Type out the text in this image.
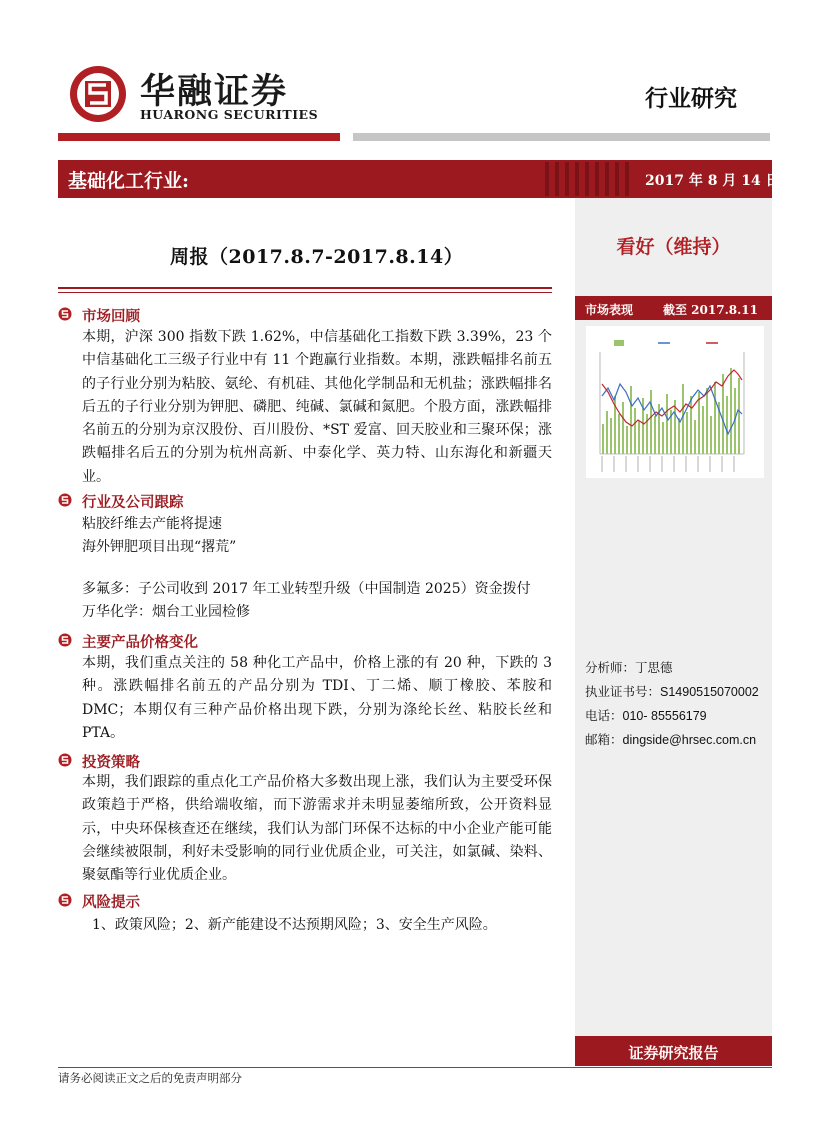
华融证券
HUARONG SECURITIES
行业研究
基础化工行业:	2017 年 8 月 14 日
看好（维持）
市场表现 截至 2017.8.11
分析师：丁思德
执业证书号：S1490515070002
电话：010- 85556179
邮箱：dingside@hrsec.com.cn
证券研究报告
周报（2017.8.7-2017.8.14）
市场回顾
本期，沪深 300 指数下跌 1.62%，中信基础化工指数下跌 3.39%，23 个中信基础化工三级子行业中有 11 个跑赢行业指数。本期，涨跌幅排名前五的子行业分别为粘胶、氨纶、有机硅、其他化学制品和无机盐；涨跌幅排名后五的子行业分别为钾肥、磷肥、纯碱、氯碱和氮肥。个股方面，涨跌幅排名前五的分别为京汉股份、百川股份、*ST 爱富、回天胶业和三聚环保；涨跌幅排名后五的分别为杭州高新、中泰化学、英力特、山东海化和新疆天业。
行业及公司跟踪
粘胶纤维去产能将提速
海外钾肥项目出现“撂荒”
多氟多：子公司收到 2017 年工业转型升级（中国制造 2025）资金拨付
万华化学：烟台工业园检修
主要产品价格变化
本期，我们重点关注的 58 种化工产品中，价格上涨的有 20 种，下跌的 3 种。涨跌幅排名前五的产品分别为 TDI、丁二烯、顺丁橡胶、苯胺和 DMC；本期仅有三种产品价格出现下跌，分别为涤纶长丝、粘胶长丝和 PTA。
投资策略
本期，我们跟踪的重点化工产品价格大多数出现上涨，我们认为主要受环保政策趋于严格，供给端收缩，而下游需求并未明显萎缩所致，公开资料显示，中央环保核查还在继续，我们认为部门环保不达标的中小企业产能可能会继续被限制，利好未受影响的同行业优质企业，可关注，如氯碱、染料、聚氨酯等行业优质企业。
风险提示
1、政策风险；2、新产能建设不达预期风险；3、安全生产风险。
请务必阅读正文之后的免责声明部分
